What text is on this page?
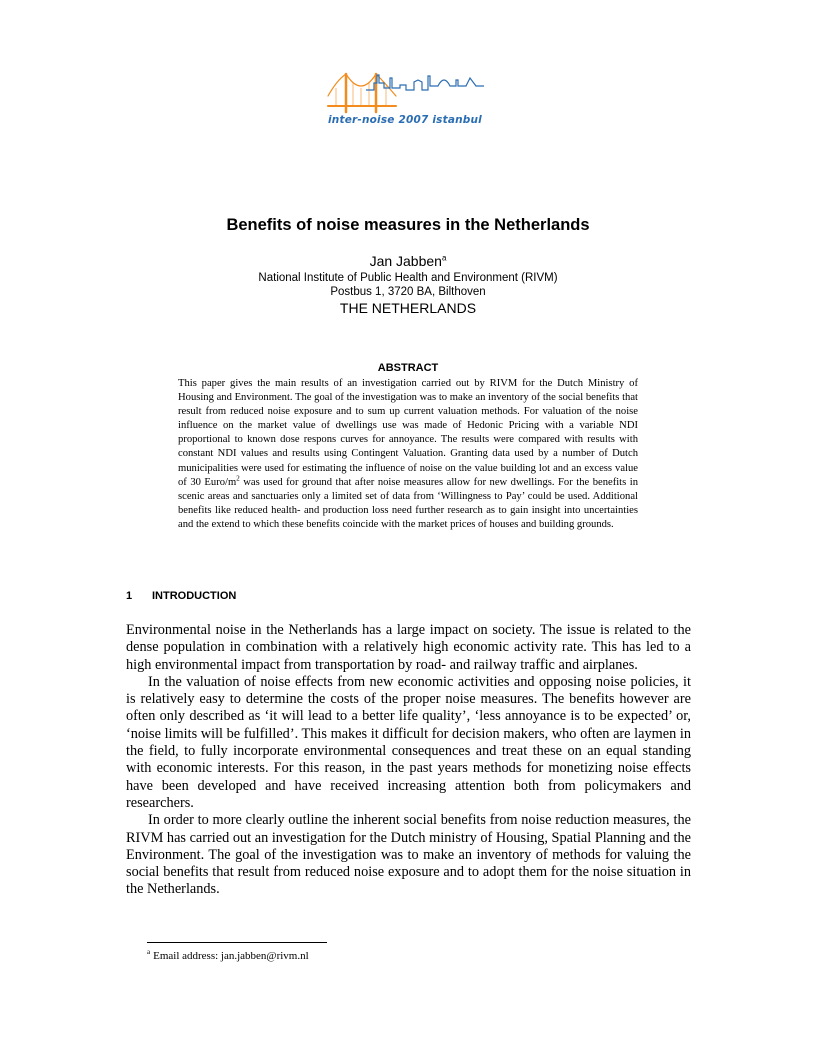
inter-noise 2007 istanbul
Benefits of noise measures in the Netherlands
Jan Jabben$^a$
National Institute of Public Health and Environment (RIVM)
Postbus 1, 3720 BA, Bilthoven
THE NETHERLANDS
ABSTRACT
This paper gives the main results of an investigation carried out by RIVM for the Dutch Ministry of Housing and Environment. The goal of the investigation was to make an inventory of the social benefits that result from reduced noise exposure and to sum up current valuation methods. For valuation of the noise influence on the market value of dwellings use was made of Hedonic Pricing with a variable NDI proportional to known dose respons curves for annoyance. The results were compared with results with constant NDI values and results using Contingent Valuation. Granting data used by a number of Dutch municipalities were used for estimating the influence of noise on the value building lot and an excess value of 30 Euro/$m^2$ was used for ground that after noise measures allow for new dwellings. For the benefits in scenic areas and sanctuaries only a limited set of data from ‘Willingness to Pay’ could be used. Additional benefits like reduced health- and production loss need further research as to gain insight into uncertainties and the extend to which these benefits coincide with the market prices of houses and building grounds.
1 INTRODUCTION

Environmental noise in the Netherlands has a large impact on society. The issue is related to the dense population in combination with a relatively high economic activity rate. This has led to a high environmental impact from transportation by road- and railway traffic and airplanes.

In the valuation of noise effects from new economic activities and opposing noise policies, it is relatively easy to determine the costs of the proper noise measures. The benefits however are often only described as ‘it will lead to a better life quality’, ‘less annoyance is to be expected’ or, ‘noise limits will be fulfilled’. This makes it difficult for decision makers, who often are laymen in the field, to fully incorporate environmental consequences and treat these on an equal standing with economic interests. For this reason, in the past years methods for monetizing noise effects have been developed and have received increasing attention both from policymakers and researchers.

In order to more clearly outline the inherent social benefits from noise reduction measures, the RIVM has carried out an investigation for the Dutch ministry of Housing, Spatial Planning and the Environment. The goal of the investigation was to make an inventory of methods for valuing the social benefits that result from reduced noise exposure and to adopt them for the noise situation in the Netherlands.

$^a$ Email address: jan.jabben@rivm.nl
